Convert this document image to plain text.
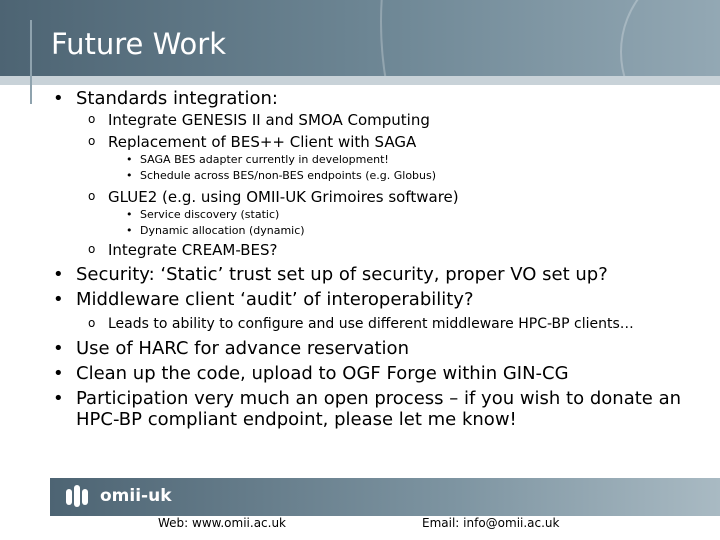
Future Work
• Standards integration:
o Integrate GENESIS II and SMOA Computing
o Replacement of BES++ Client with SAGA
• SAGA BES adapter currently in development!
• Schedule across BES/non-BES endpoints (e.g. Globus)
o GLUE2 (e.g. using OMII-UK Grimoires software)
• Service discovery (static)
• Dynamic allocation (dynamic)
o Integrate CREAM-BES?
• Security: ‘Static’ trust set up of security, proper VO set up?
• Middleware client ‘audit’ of interoperability?
o Leads to ability to configure and use different middleware HPC-BP clients…
• Use of HARC for advance reservation
• Clean up the code, upload to OGF Forge within GIN-CG
• Participation very much an open process – if you wish to donate an
HPC-BP compliant endpoint, please let me know!
omii-uk
Web: www.omii.ac.uk	Email: info@omii.ac.uk
